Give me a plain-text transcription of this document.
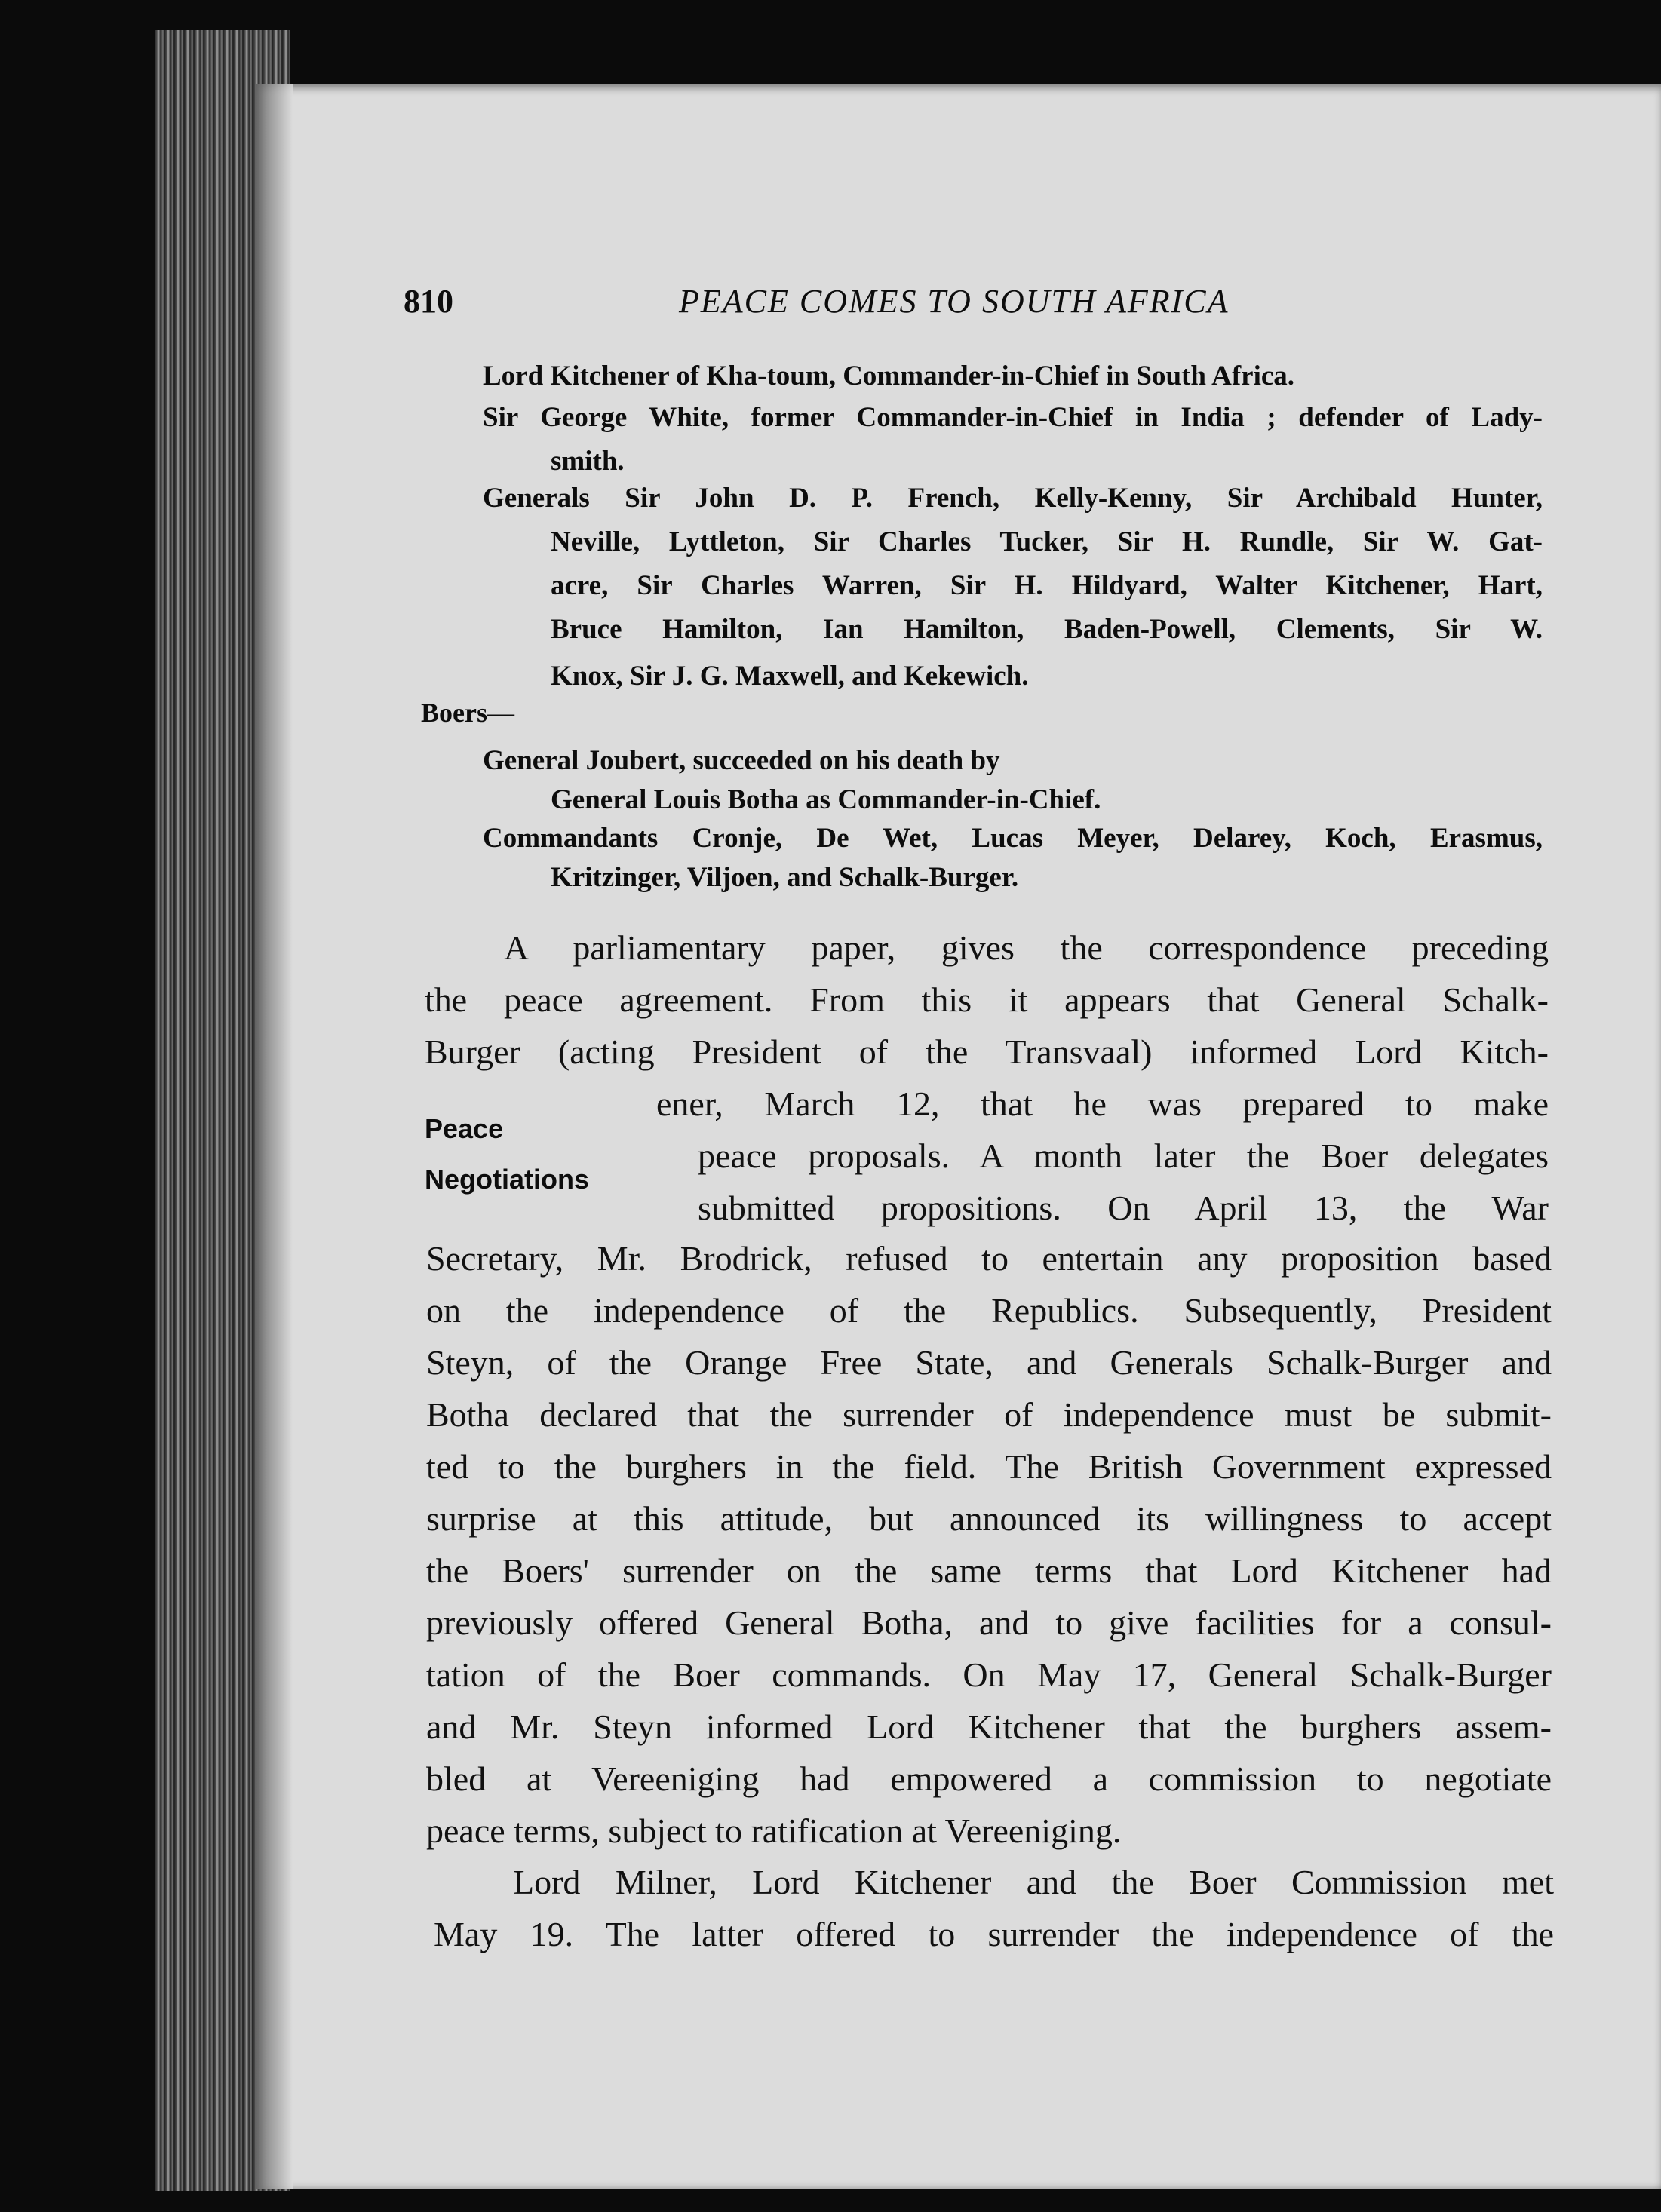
810	PEACE COMES TO SOUTH AFRICA
Lord Kitchener of Kha-toum, Commander-in-Chief in South Africa.
Sir George White, former Commander-in-Chief in India ; defender of Lady-
smith.
Generals Sir John D. P. French, Kelly-Kenny, Sir Archibald Hunter,
Neville, Lyttleton, Sir Charles Tucker, Sir H. Rundle, Sir W. Gat-
acre, Sir Charles Warren, Sir H. Hildyard, Walter Kitchener, Hart,
Bruce Hamilton, Ian Hamilton, Baden-Powell, Clements, Sir W.
Knox, Sir J. G. Maxwell, and Kekewich.
Boers—
General Joubert, succeeded on his death by
General Louis Botha as Commander-in-Chief.
Commandants Cronje, De Wet, Lucas Meyer, Delarey, Koch, Erasmus,
Kritzinger, Viljoen, and Schalk-Burger.
Peace
Negotiations
A parliamentary paper, gives the correspondence preceding
the peace agreement. From this it appears that General Schalk-
Burger (acting President of the Transvaal) informed Lord Kitch-
ener, March 12, that he was prepared to make
peace proposals. A month later the Boer delegates
submitted propositions. On April 13, the War
Secretary, Mr. Brodrick, refused to entertain any proposition based
on the independence of the Republics. Subsequently, President
Steyn, of the Orange Free State, and Generals Schalk-Burger and
Botha declared that the surrender of independence must be submit-
ted to the burghers in the field. The British Government expressed
surprise at this attitude, but announced its willingness to accept
the Boers' surrender on the same terms that Lord Kitchener had
previously offered General Botha, and to give facilities for a consul-
tation of the Boer commands. On May 17, General Schalk-Burger
and Mr. Steyn informed Lord Kitchener that the burghers assem-
bled at Vereeniging had empowered a commission to negotiate
peace terms, subject to ratification at Vereeniging.
Lord Milner, Lord Kitchener and the Boer Commission met
May 19. The latter offered to surrender the independence of the
